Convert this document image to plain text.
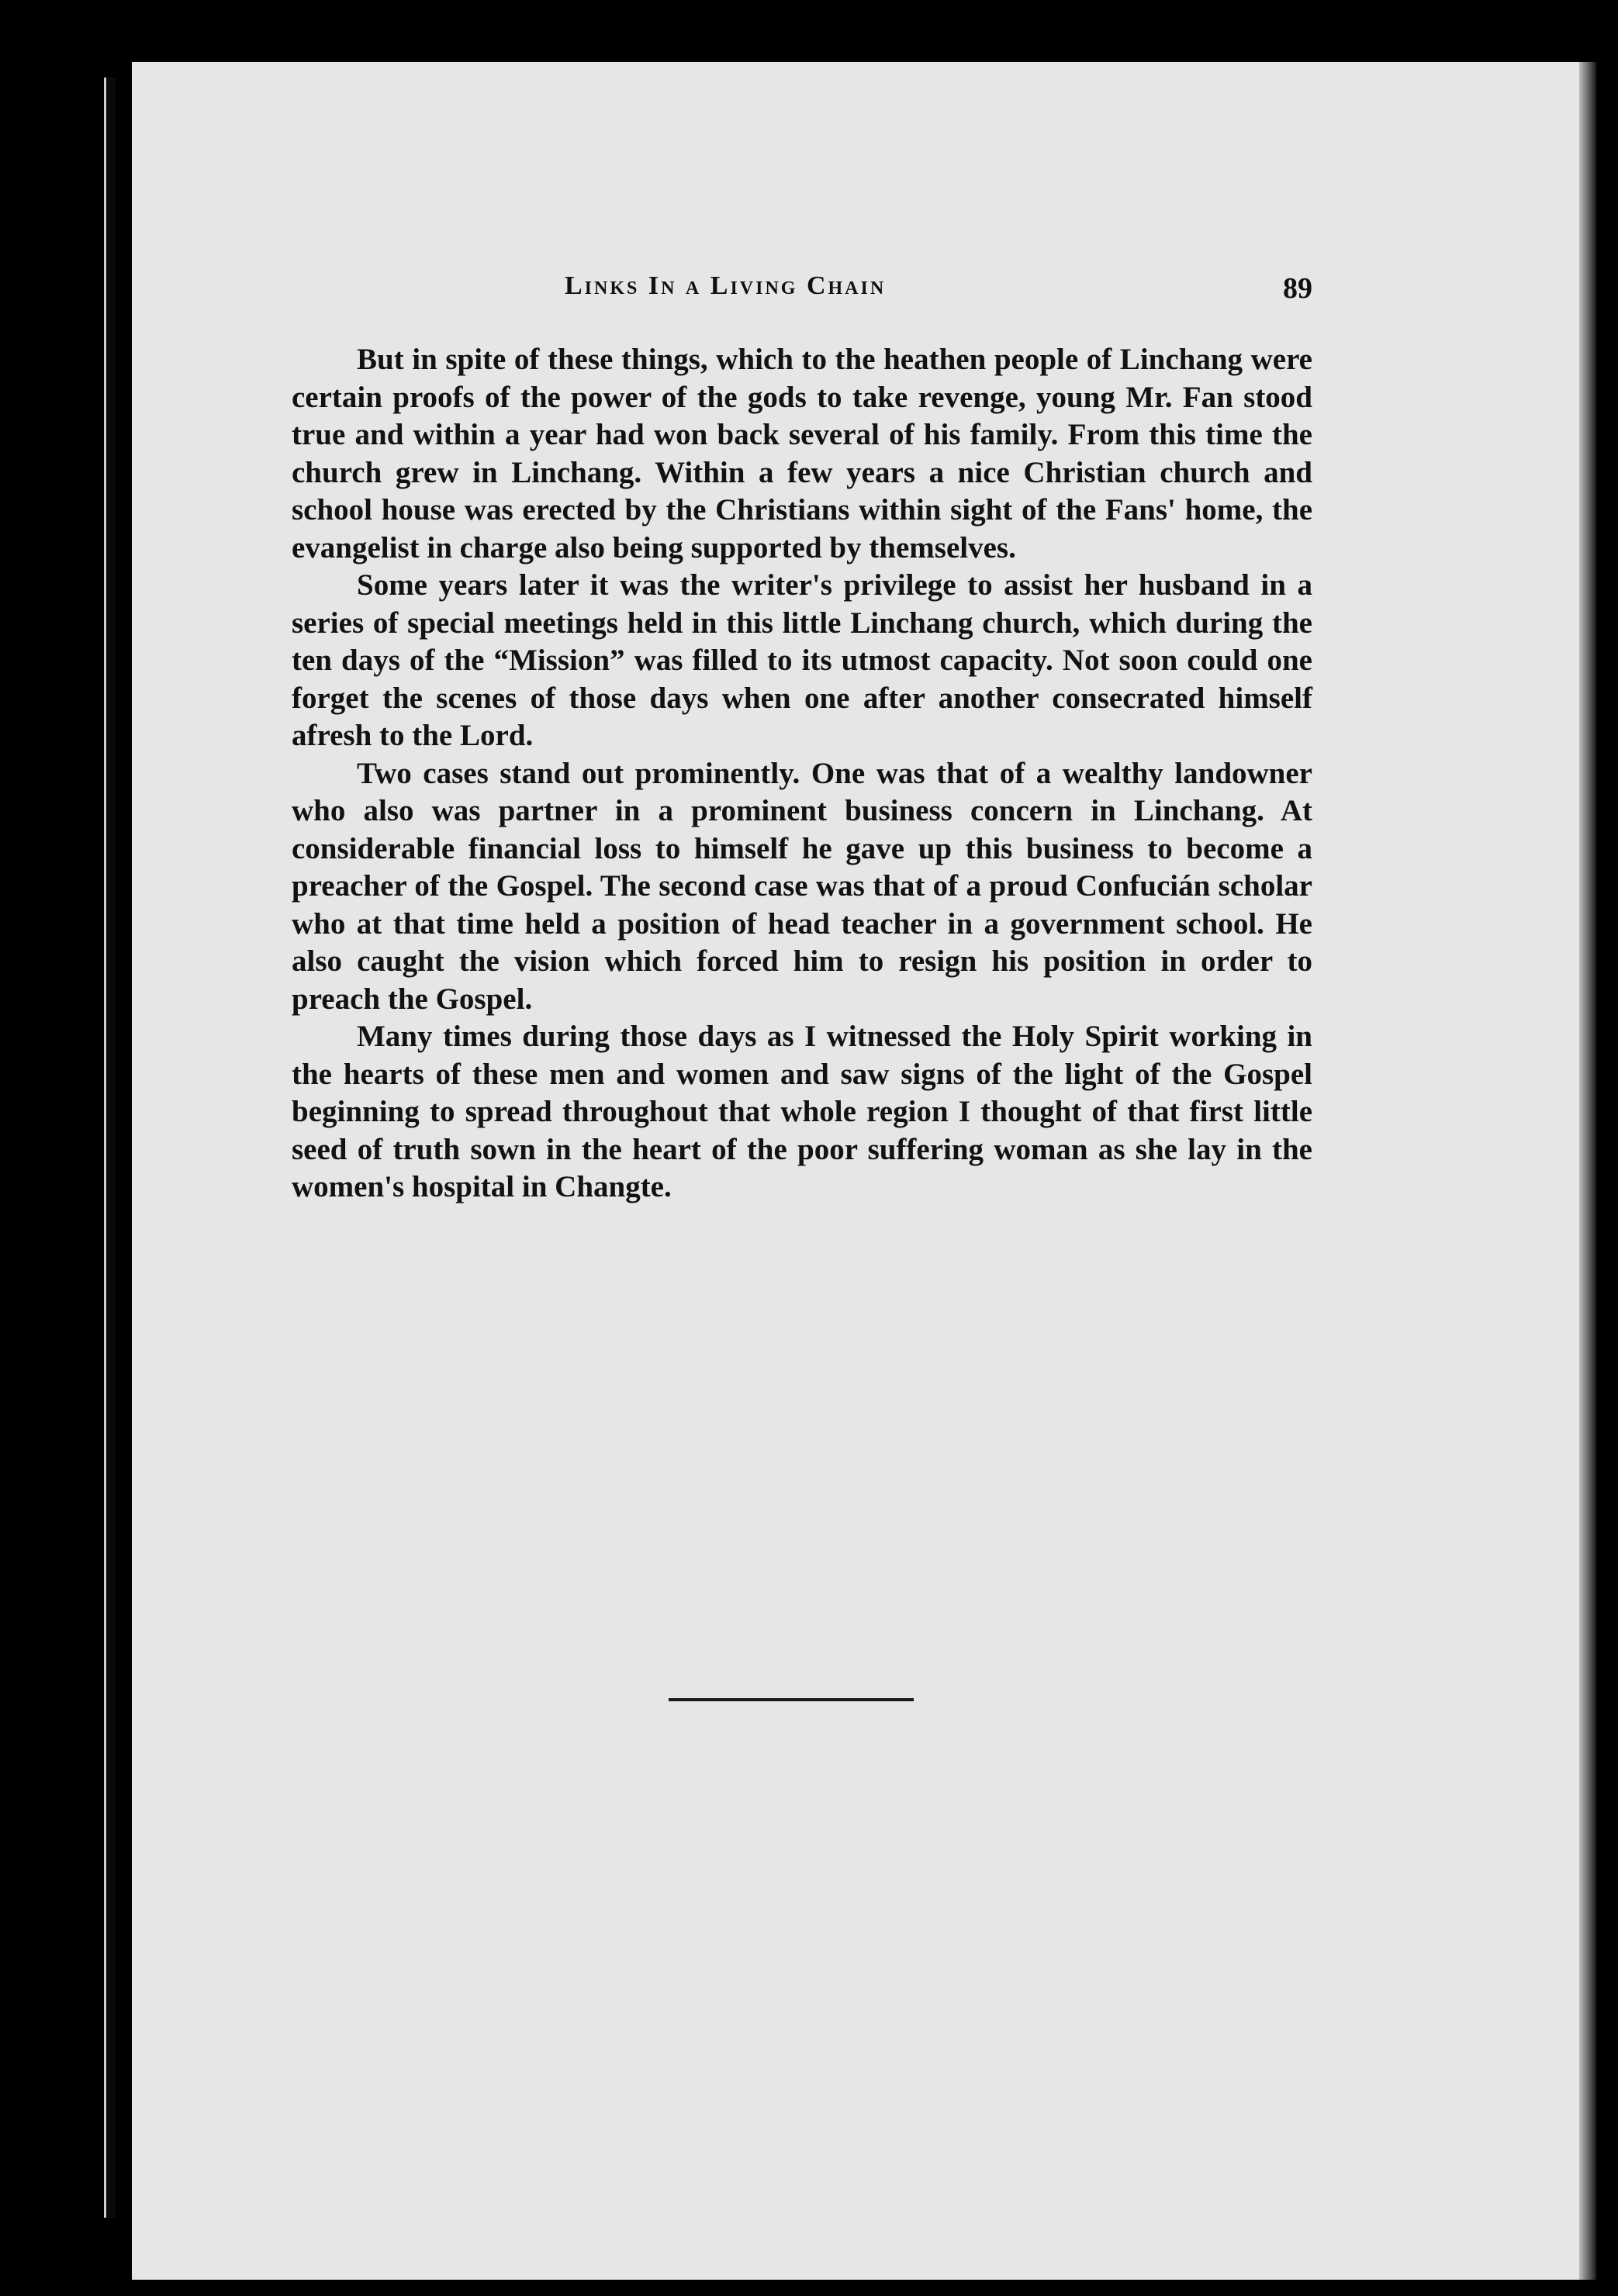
Links In a Living Chain	89

But in spite of these things, which to the heathen people of Linchang were certain proofs of the power of the gods to take revenge, young Mr. Fan stood true and within a year had won back several of his family. From this time the church grew in Linchang. Within a few years a nice Christian church and school house was erected by the Christians within sight of the Fans' home, the evangelist in charge also being supported by themselves.

Some years later it was the writer's privilege to assist her husband in a series of special meetings held in this little Linchang church, which during the ten days of the “Mission” was filled to its utmost capacity. Not soon could one forget the scenes of those days when one after another consecrated himself afresh to the Lord.

Two cases stand out prominently. One was that of a wealthy landowner who also was partner in a prominent business concern in Linchang. At considerable financial loss to himself he gave up this business to become a preacher of the Gospel. The second case was that of a proud Confucián scholar who at that time held a position of head teacher in a government school. He also caught the vision which forced him to resign his position in order to preach the Gospel.

Many times during those days as I witnessed the Holy Spirit working in the hearts of these men and women and saw signs of the light of the Gospel beginning to spread throughout that whole region I thought of that first little seed of truth sown in the heart of the poor suffering woman as she lay in the women's hospital in Changte.
